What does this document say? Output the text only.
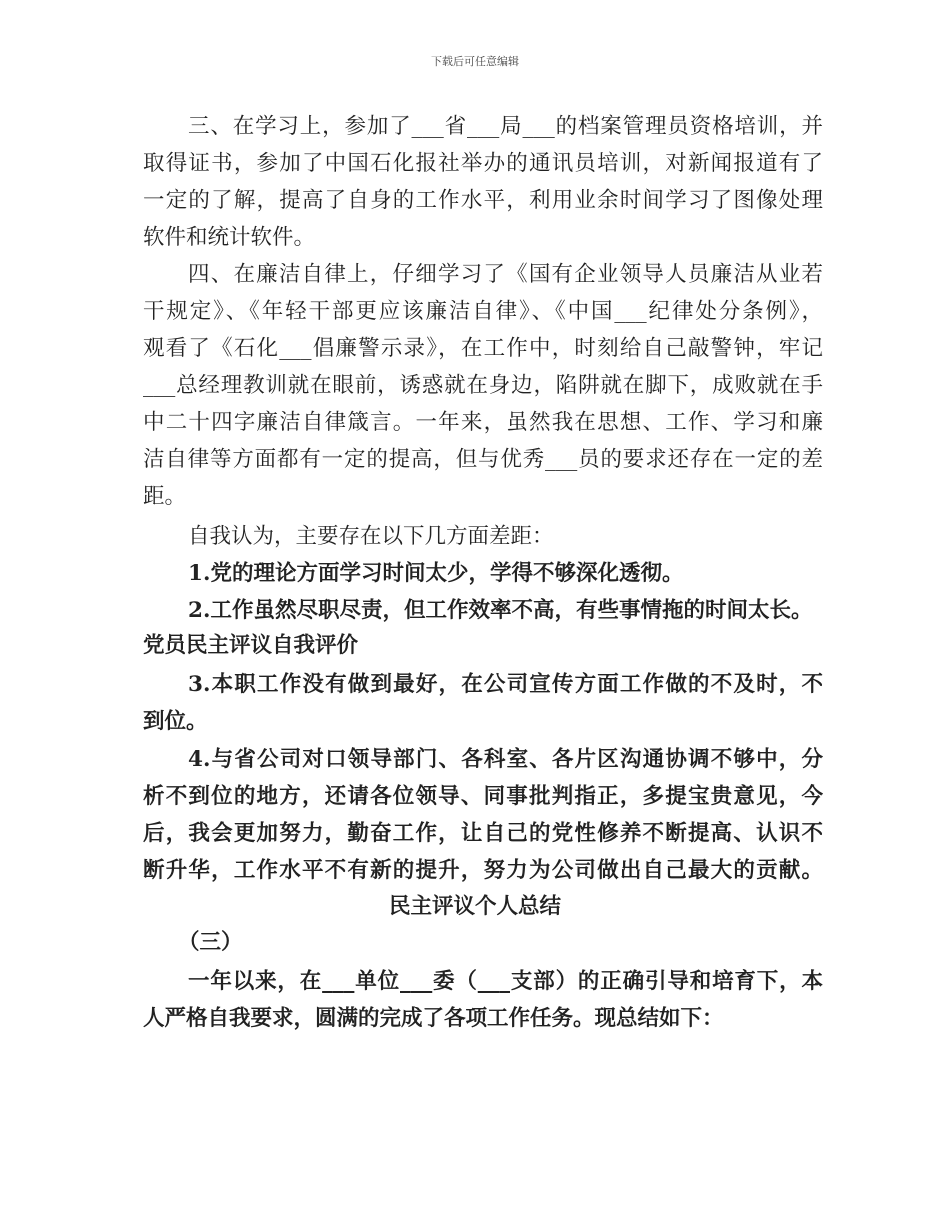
下载后可任意编辑
三、在学习上，参加了___省___局___的档案管理员资格培训，并
取得证书，参加了中国石化报社举办的通讯员培训，对新闻报道有了
一定的了解，提高了自身的工作水平，利用业余时间学习了图像处理
软件和统计软件。
四、在廉洁自律上，仔细学习了《国有企业领导人员廉洁从业若
干规定》、《年轻干部更应该廉洁自律》、《中国___纪律处分条例》，
观看了《石化___倡廉警示录》，在工作中，时刻给自己敲警钟，牢记
___总经理教训就在眼前，诱惑就在身边，陷阱就在脚下，成败就在手
中二十四字廉洁自律箴言。一年来，虽然我在思想、工作、学习和廉
洁自律等方面都有一定的提高，但与优秀___员的要求还存在一定的差
距。
自我认为，主要存在以下几方面差距：
1.党的理论方面学习时间太少，学得不够深化透彻。
2.工作虽然尽职尽责，但工作效率不高，有些事情拖的时间太长。
党员民主评议自我评价
3.本职工作没有做到最好，在公司宣传方面工作做的不及时，不
到位。
4.与省公司对口领导部门、各科室、各片区沟通协调不够中，分
析不到位的地方，还请各位领导、同事批判指正，多提宝贵意见，今
后，我会更加努力，勤奋工作，让自己的党性修养不断提高、认识不
断升华，工作水平不有新的提升，努力为公司做出自己最大的贡献。
民主评议个人总结
（三）
一年以来，在___单位___委（___支部）的正确引导和培育下，本
人严格自我要求，圆满的完成了各项工作任务。现总结如下：
